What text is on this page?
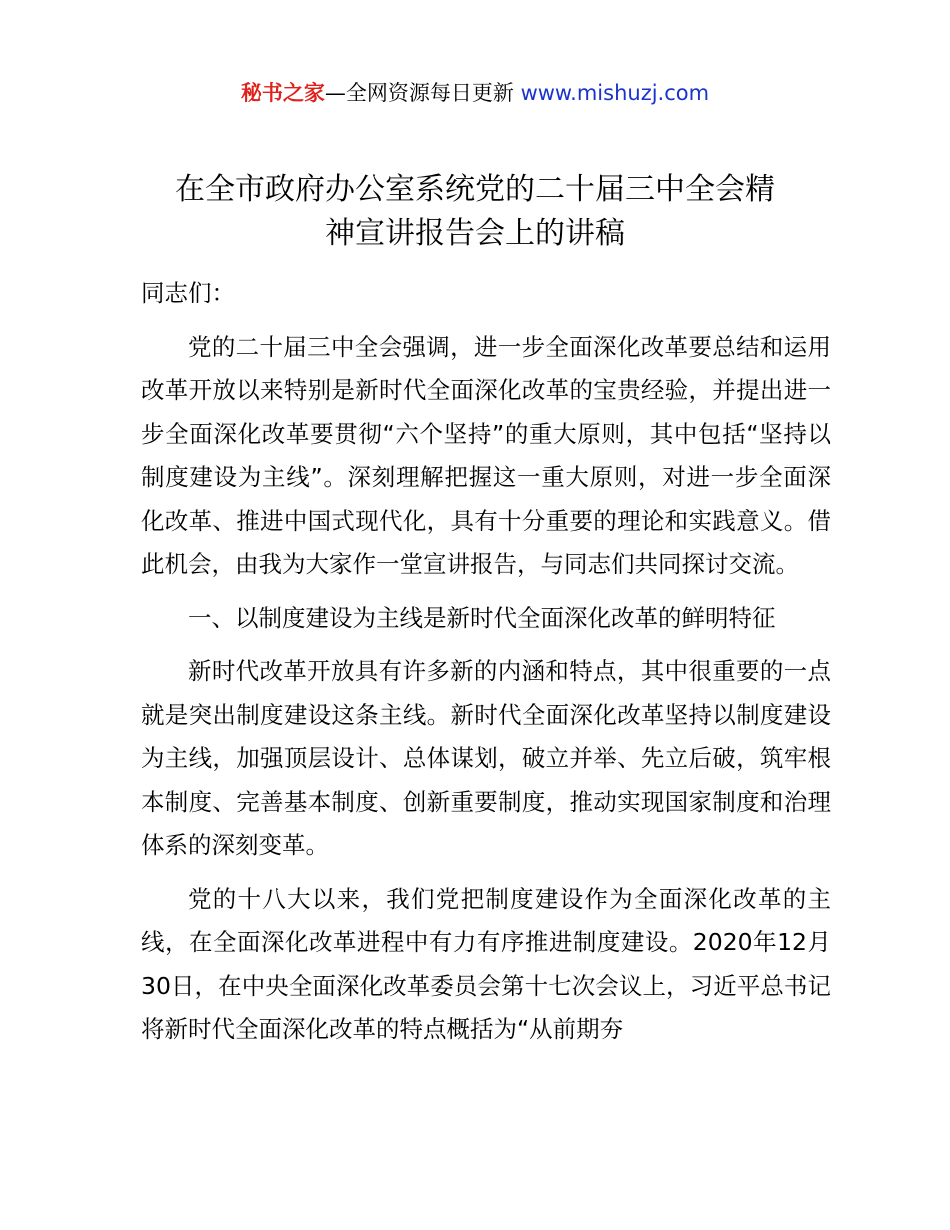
秘书之家—全网资源每日更新 www.mishuzj.com
在全市政府办公室系统党的二十届三中全会精
神宣讲报告会上的讲稿

同志们：

党的二十届三中全会强调，进一步全面深化改革要总结和运用改革开放以来特别是新时代全面深化改革的宝贵经验，并提出进一步全面深化改革要贯彻“六个坚持”的重大原则，其中包括“坚持以制度建设为主线”。深刻理解把握这一重大原则，对进一步全面深化改革、推进中国式现代化，具有十分重要的理论和实践意义。借此机会，由我为大家作一堂宣讲报告，与同志们共同探讨交流。

一、以制度建设为主线是新时代全面深化改革的鲜明特征

新时代改革开放具有许多新的内涵和特点，其中很重要的一点就是突出制度建设这条主线。新时代全面深化改革坚持以制度建设为主线，加强顶层设计、总体谋划，破立并举、先立后破，筑牢根本制度、完善基本制度、创新重要制度，推动实现国家制度和治理体系的深刻变革。

党的十八大以来，我们党把制度建设作为全面深化改革的主线，在全面深化改革进程中有力有序推进制度建设。2020年12月30日，在中央全面深化改革委员会第十七次会议上，习近平总书记将新时代全面深化改革的特点概括为“从前期夯
